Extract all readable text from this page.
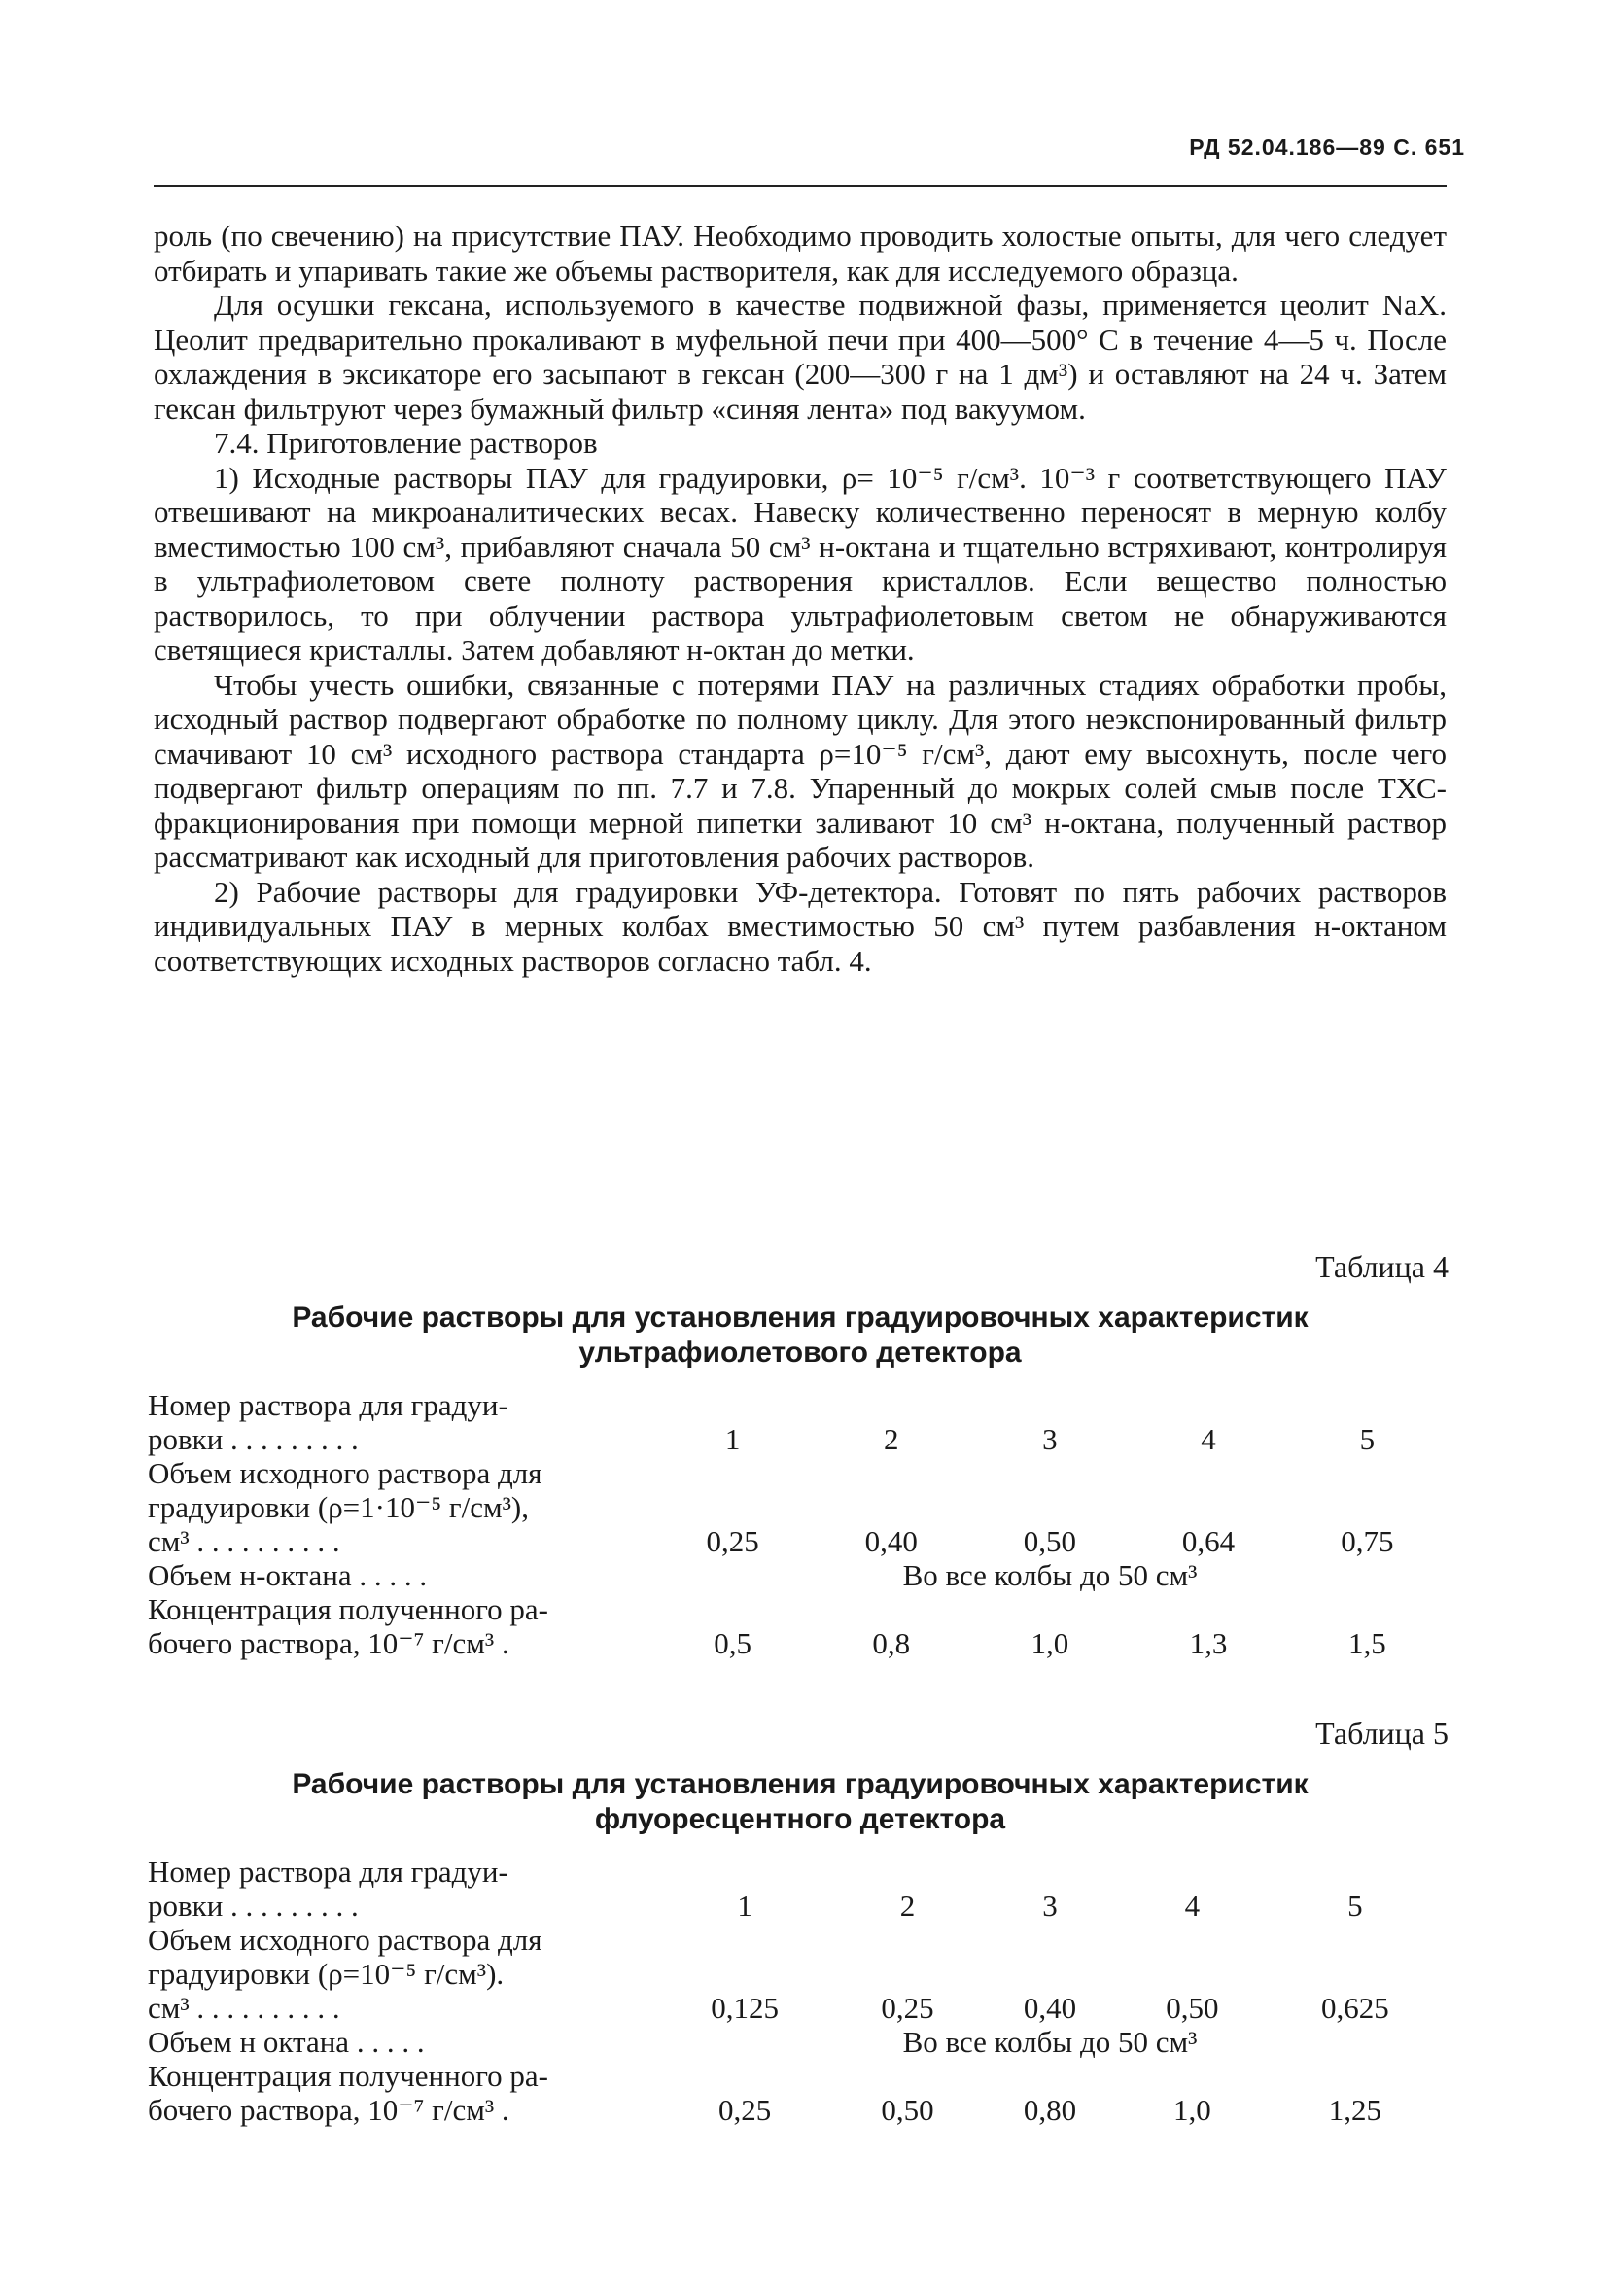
РД 52.04.186—89 С. 651

роль (по свечению) на присутствие ПАУ. Необходимо проводить холостые опыты, для чего следует отбирать и упаривать такие же объемы растворителя, как для исследуемого образца.

Для осушки гексана, используемого в качестве подвижной фазы, применяется цеолит NaX. Цеолит предварительно прокаливают в муфельной печи при 400—500° С в течение 4—5 ч. После охлаждения в эксикаторе его засыпают в гексан (200—300 г на 1 дм³) и оставляют на 24 ч. Затем гексан фильтруют через бумажный фильтр «синяя лента» под вакуумом.

7.4. Приготовление растворов

1) Исходные растворы ПАУ для градуировки, ρ= 10⁻⁵ г/см³. 10⁻³ г соответствующего ПАУ отвешивают на микроаналитических весах. Навеску количественно переносят в мерную колбу вместимостью 100 см³, прибавляют сначала 50 см³ н-октана и тщательно встряхивают, контролируя в ультрафиолетовом свете полноту растворения кристаллов. Если вещество полностью растворилось, то при облучении раствора ультрафиолетовым светом не обнаруживаются светящиеся кристаллы. Затем добавляют н-октан до метки.

Чтобы учесть ошибки, связанные с потерями ПАУ на различных стадиях обработки пробы, исходный раствор подвергают обработке по полному циклу. Для этого неэкспонированный фильтр смачивают 10 см³ исходного раствора стандарта ρ=10⁻⁵ г/см³, дают ему высохнуть, после чего подвергают фильтр операциям по пп. 7.7 и 7.8. Упаренный до мокрых солей смыв после ТХС-фракционирования при помощи мерной пипетки заливают 10 см³ н-октана, полученный раствор рассматривают как исходный для приготовления рабочих растворов.

2) Рабочие растворы для градуировки УФ-детектора. Готовят по пять рабочих растворов индивидуальных ПАУ в мерных колбах вместимостью 50 см³ путем разбавления н-октаном соответствующих исходных растворов согласно табл. 4.

Таблица 4
Рабочие растворы для установления градуировочных характеристик
ультрафиолетового детектора
Номер раствора для градуи-
ровки . . . . . . . . .	1	2	3	4	5

Объем исходного раствора для
градуировки (ρ=1·10⁻⁵ г/см³),
см³ . . . . . . . . . .	0,25	0,40	0,50	0,64	0,75
Объем н-октана . . . . .	Во все колбы до 50 см³				

Концентрация полученного ра-
бочего раствора, 10⁻⁷ г/см³ .	0,5	0,8	1,0	1,3	1,5
Таблица 5
Рабочие растворы для установления градуировочных характеристик
флуоресцентного детектора
Номер раствора для градуи-
ровки . . . . . . . . .	1	2	3	4	5

Объем исходного раствора для
градуировки (ρ=10⁻⁵ г/см³).
см³ . . . . . . . . . .	0,125	0,25	0,40	0,50	0,625
Объем н октана . . . . .	Во все колбы до 50 см³				

Концентрация полученного ра-
бочего раствора, 10⁻⁷ г/см³ .	0,25	0,50	0,80	1,0	1,25
